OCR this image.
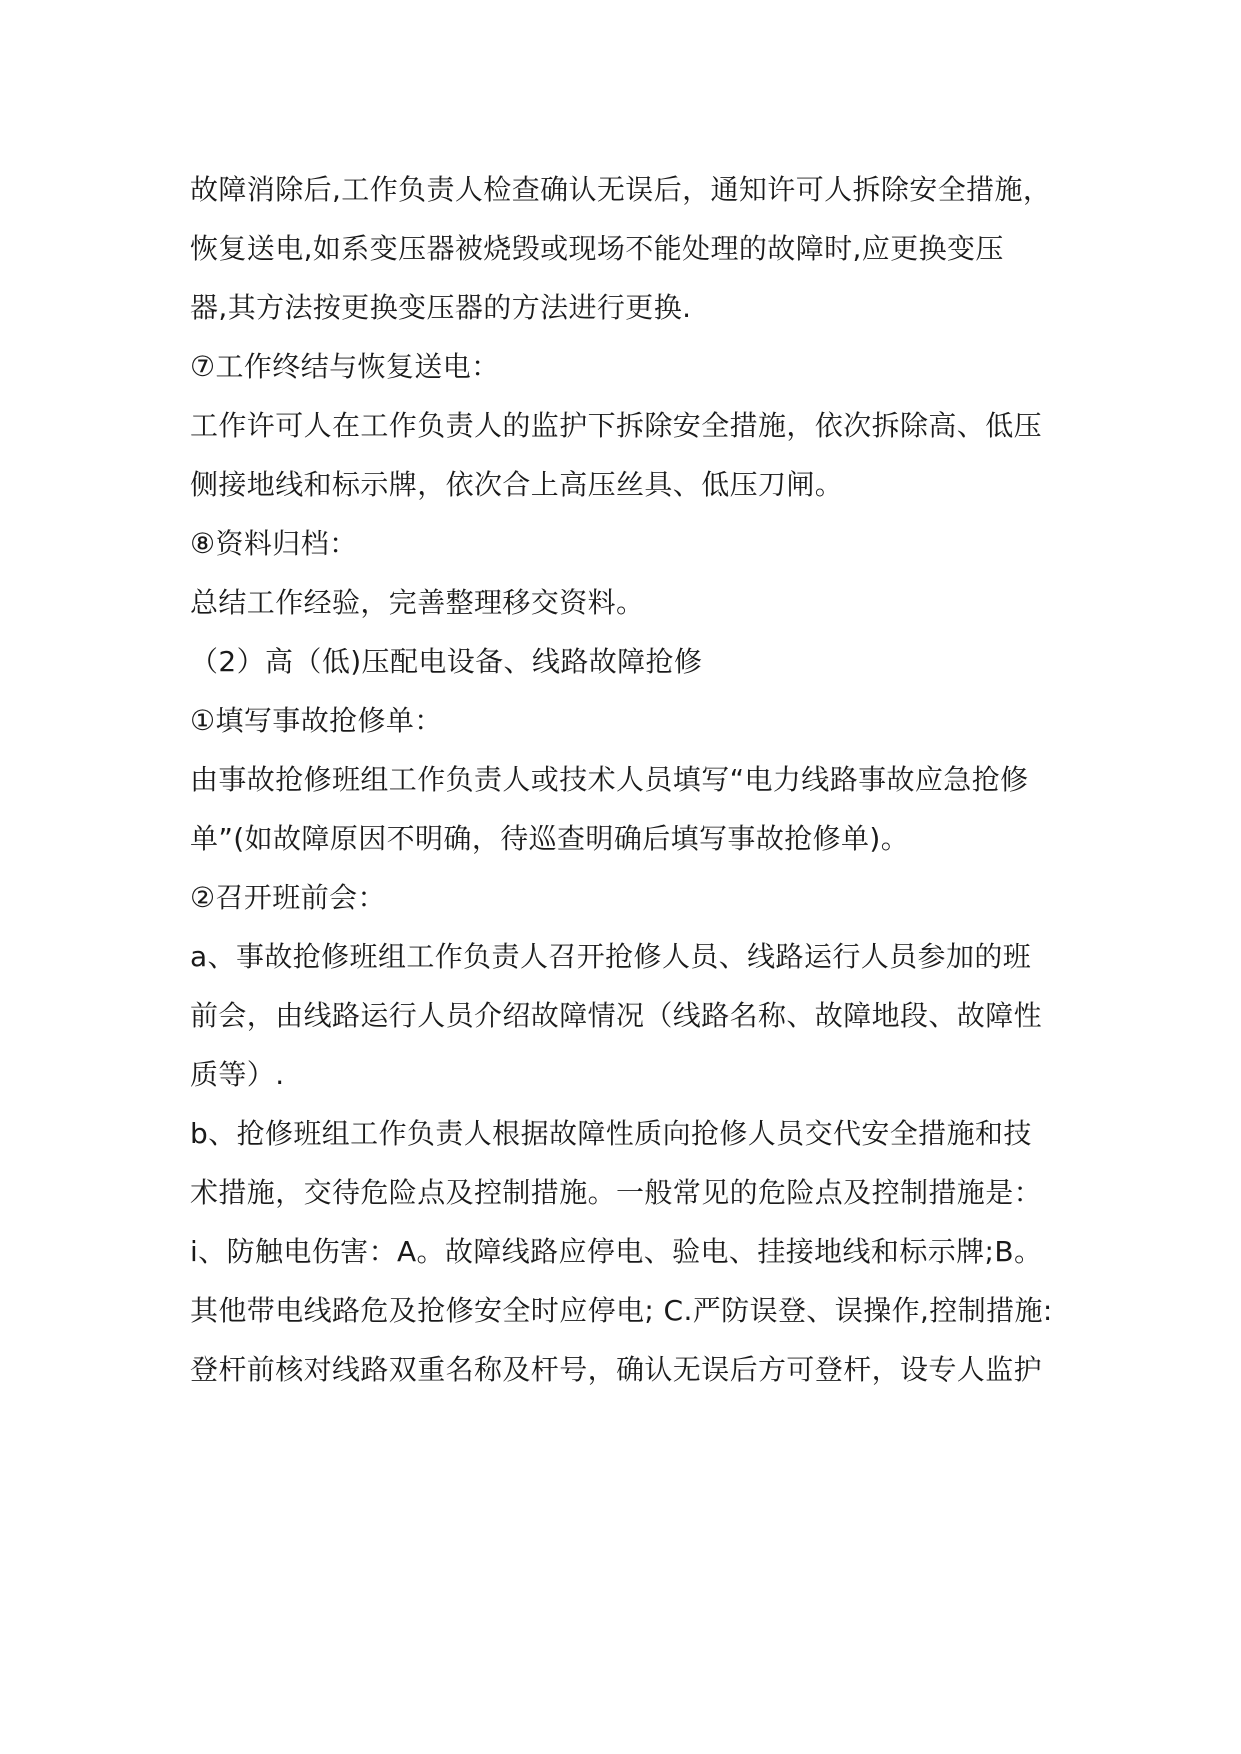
故障消除后,工作负责人检查确认无误后，通知许可人拆除安全措施，
恢复送电,如系变压器被烧毁或现场不能处理的故障时,应更换变压
器,其方法按更换变压器的方法进行更换.
⑦工作终结与恢复送电：
工作许可人在工作负责人的监护下拆除安全措施，依次拆除高、低压
侧接地线和标示牌，依次合上高压丝具、低压刀闸。
⑧资料归档：
总结工作经验，完善整理移交资料。
（2）高（低)压配电设备、线路故障抢修
①填写事故抢修单：
由事故抢修班组工作负责人或技术人员填写“电力线路事故应急抢修
单”(如故障原因不明确，待巡查明确后填写事故抢修单)。
②召开班前会：
a、事故抢修班组工作负责人召开抢修人员、线路运行人员参加的班
前会，由线路运行人员介绍故障情况（线路名称、故障地段、故障性
质等）.
b、抢修班组工作负责人根据故障性质向抢修人员交代安全措施和技
术措施，交待危险点及控制措施。一般常见的危险点及控制措施是：
ⅰ、防触电伤害：A。故障线路应停电、验电、挂接地线和标示牌;B。
其他带电线路危及抢修安全时应停电; C.严防误登、误操作,控制措施:
登杆前核对线路双重名称及杆号，确认无误后方可登杆，设专人监护
